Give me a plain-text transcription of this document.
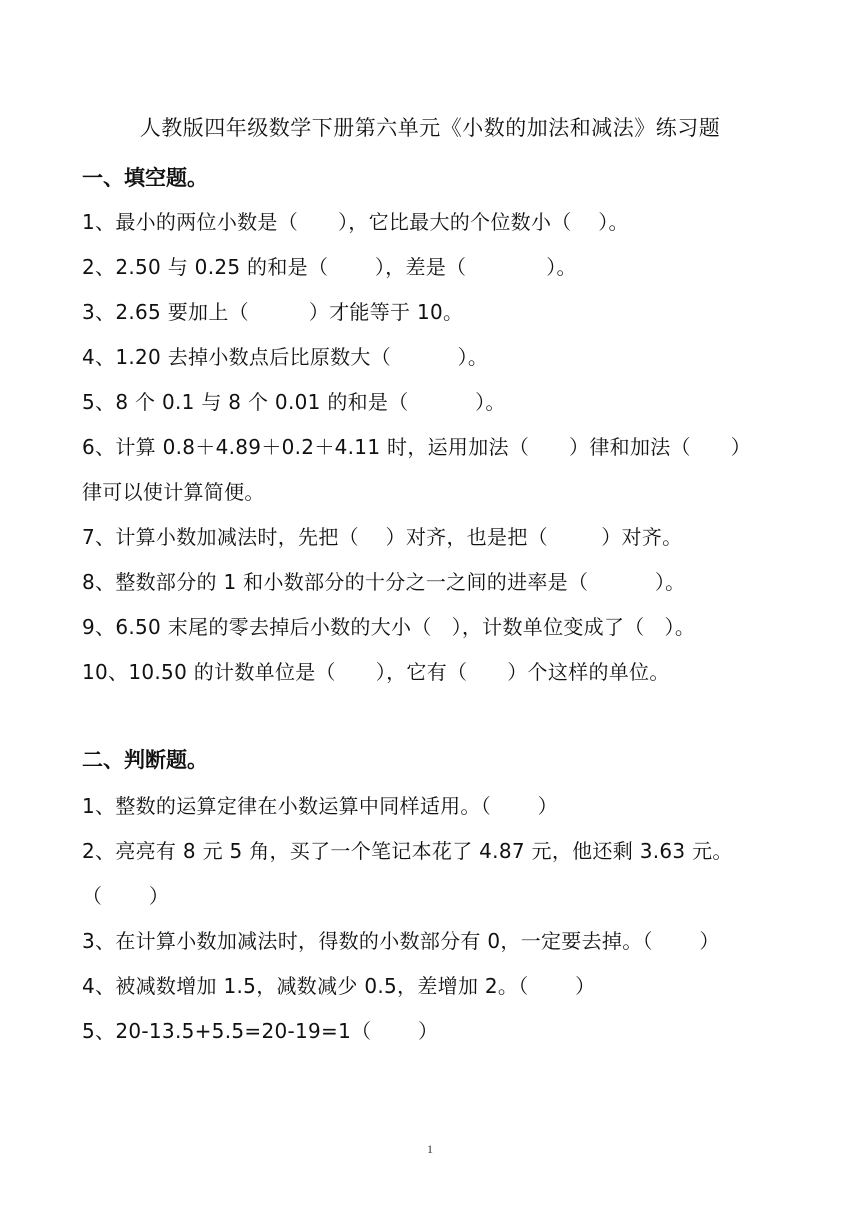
人教版四年级数学下册第六单元《小数的加法和减法》练习题
一、填空题。
1、最小的两位小数是（      ），它比最大的个位数小（    ）。
2、2.50 与 0.25 的和是（       ），差是（            ）。
3、2.65 要加上（         ）才能等于 10。
4、1.20 去掉小数点后比原数大（          ）。
5、8 个 0.1 与 8 个 0.01 的和是（          ）。
6、计算 0.8＋4.89＋0.2＋4.11 时，运用加法（      ）律和加法（      ）
律可以使计算简便。
7、计算小数加减法时，先把（    ）对齐，也是把（        ）对齐。
8、整数部分的 1 和小数部分的十分之一之间的进率是（          ）。
9、6.50 末尾的零去掉后小数的大小（   ），计数单位变成了（   ）。
10、10.50 的计数单位是（      ），它有（      ）个这样的单位。
二、判断题。
1、整数的运算定律在小数运算中同样适用。（       ）
2、亮亮有 8 元 5 角，买了一个笔记本花了 4.87 元，他还剩 3.63 元。
（       ）
3、在计算小数加减法时，得数的小数部分有 0，一定要去掉。（       ）
4、被减数增加 1.5，减数减少 0.5，差增加 2。（       ）
5、20-13.5+5.5=20-19=1（       ）
1
